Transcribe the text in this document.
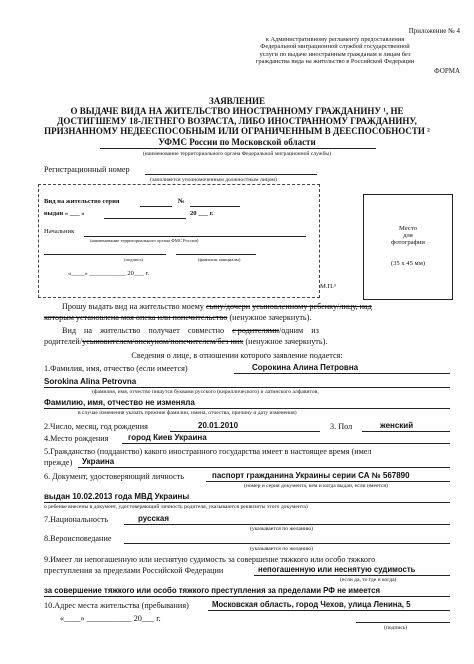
Приложение № 4
к Административному регламенту предоставления
Федеральной миграционной службой государственной
услуги по выдаче иностранным гражданам и лицам без
гражданства вида на жительство в Российской Федерации
ФОРМА
ЗАЯВЛЕНИЕ
О ВЫДАЧЕ ВИДА НА ЖИТЕЛЬСТВО ИНОСТРАННОМУ ГРАЖДАНИНУ ¹, НЕ
ДОСТИГШЕМУ 18-ЛЕТНЕГО ВОЗРАСТА, ЛИБО ИНОСТРАННОМУ ГРАЖДАНИНУ,
ПРИЗНАННОМУ НЕДЕЕСПОСОБНЫМ ИЛИ ОГРАНИЧЕННЫМ В ДЕЕСПОСОБНОСТИ ²
УФМС России по Московской области
(наименование территориального органа Федеральной миграционной службы)
Регистрационный номер
(заполняется уполномоченным должностным лицом)
Вид на жительство серия	№
выдан « ___ »	20 ___ г.
Начальник
(наименование территориального органа ФМС России)
(подпись)	(фамилия, инициалы)
«____» ___________ 20___ г.
М.П.³
Место
для
фотографии
(35 х 45 мм)
Прошу выдать вид на жительство моему сыну/дочери усыновленному ребенку/лицу, над
которым установлена моя опека или попечительство (ненужное зачеркнуть).
Вид на жительство получает совместно с родителями/одним из
родителей/усыновителем/опекуном/попечителем/без них (ненужное зачеркнуть).
Сведения о лице, в отношении которого заявление подается:
1.Фамилия, имя, отчество (если имеется)	Сорокина Алина Петровна
Sorokina Alina Petrovna
(фамилия, имя, отчество пишутся буквами русского (кириллического) и латинского алфавитов,
Фамилию, имя, отчество не изменяла
в случае изменения указать прежние фамилии, имена, отчества, причину и дату изменения)
2.Число, месяц, год рождения	20.01.2010	3. Пол	женский
4.Место рождения город Киев Украина
5.Гражданство (подданство) какого иностранного государства имеет в настоящее время (имел
прежде) Украина
6. Документ, удостоверяющий личность	паспорт гражданина Украины серии СА № 567890
(номер и серия документа, кем и когда выдан, если имеется)
выдан 10.02.2013 года МВД Украины
о ребенке внесены в документ, удостоверяющий личность родителя, указываются реквизиты этого документа)
7.Национальность	русская
(указывается по желанию)
8.Вероисповедание
(указывается по желанию)
9.Имеет ли непогашенную или неснятую судимость за совершение тяжкого или особо тяжкого
преступления за пределами Российской Федерации	непогашенную или неснятую судимость
(если да, то где и когда)
за совершение тяжкого или особо тяжкого преступления за пределами РФ не имеется
10.Адрес места жительства (пребывания)	Московская область, город Чехов, улица Ленина, 5
«____» ___________ 20___ г.
(подпись)
